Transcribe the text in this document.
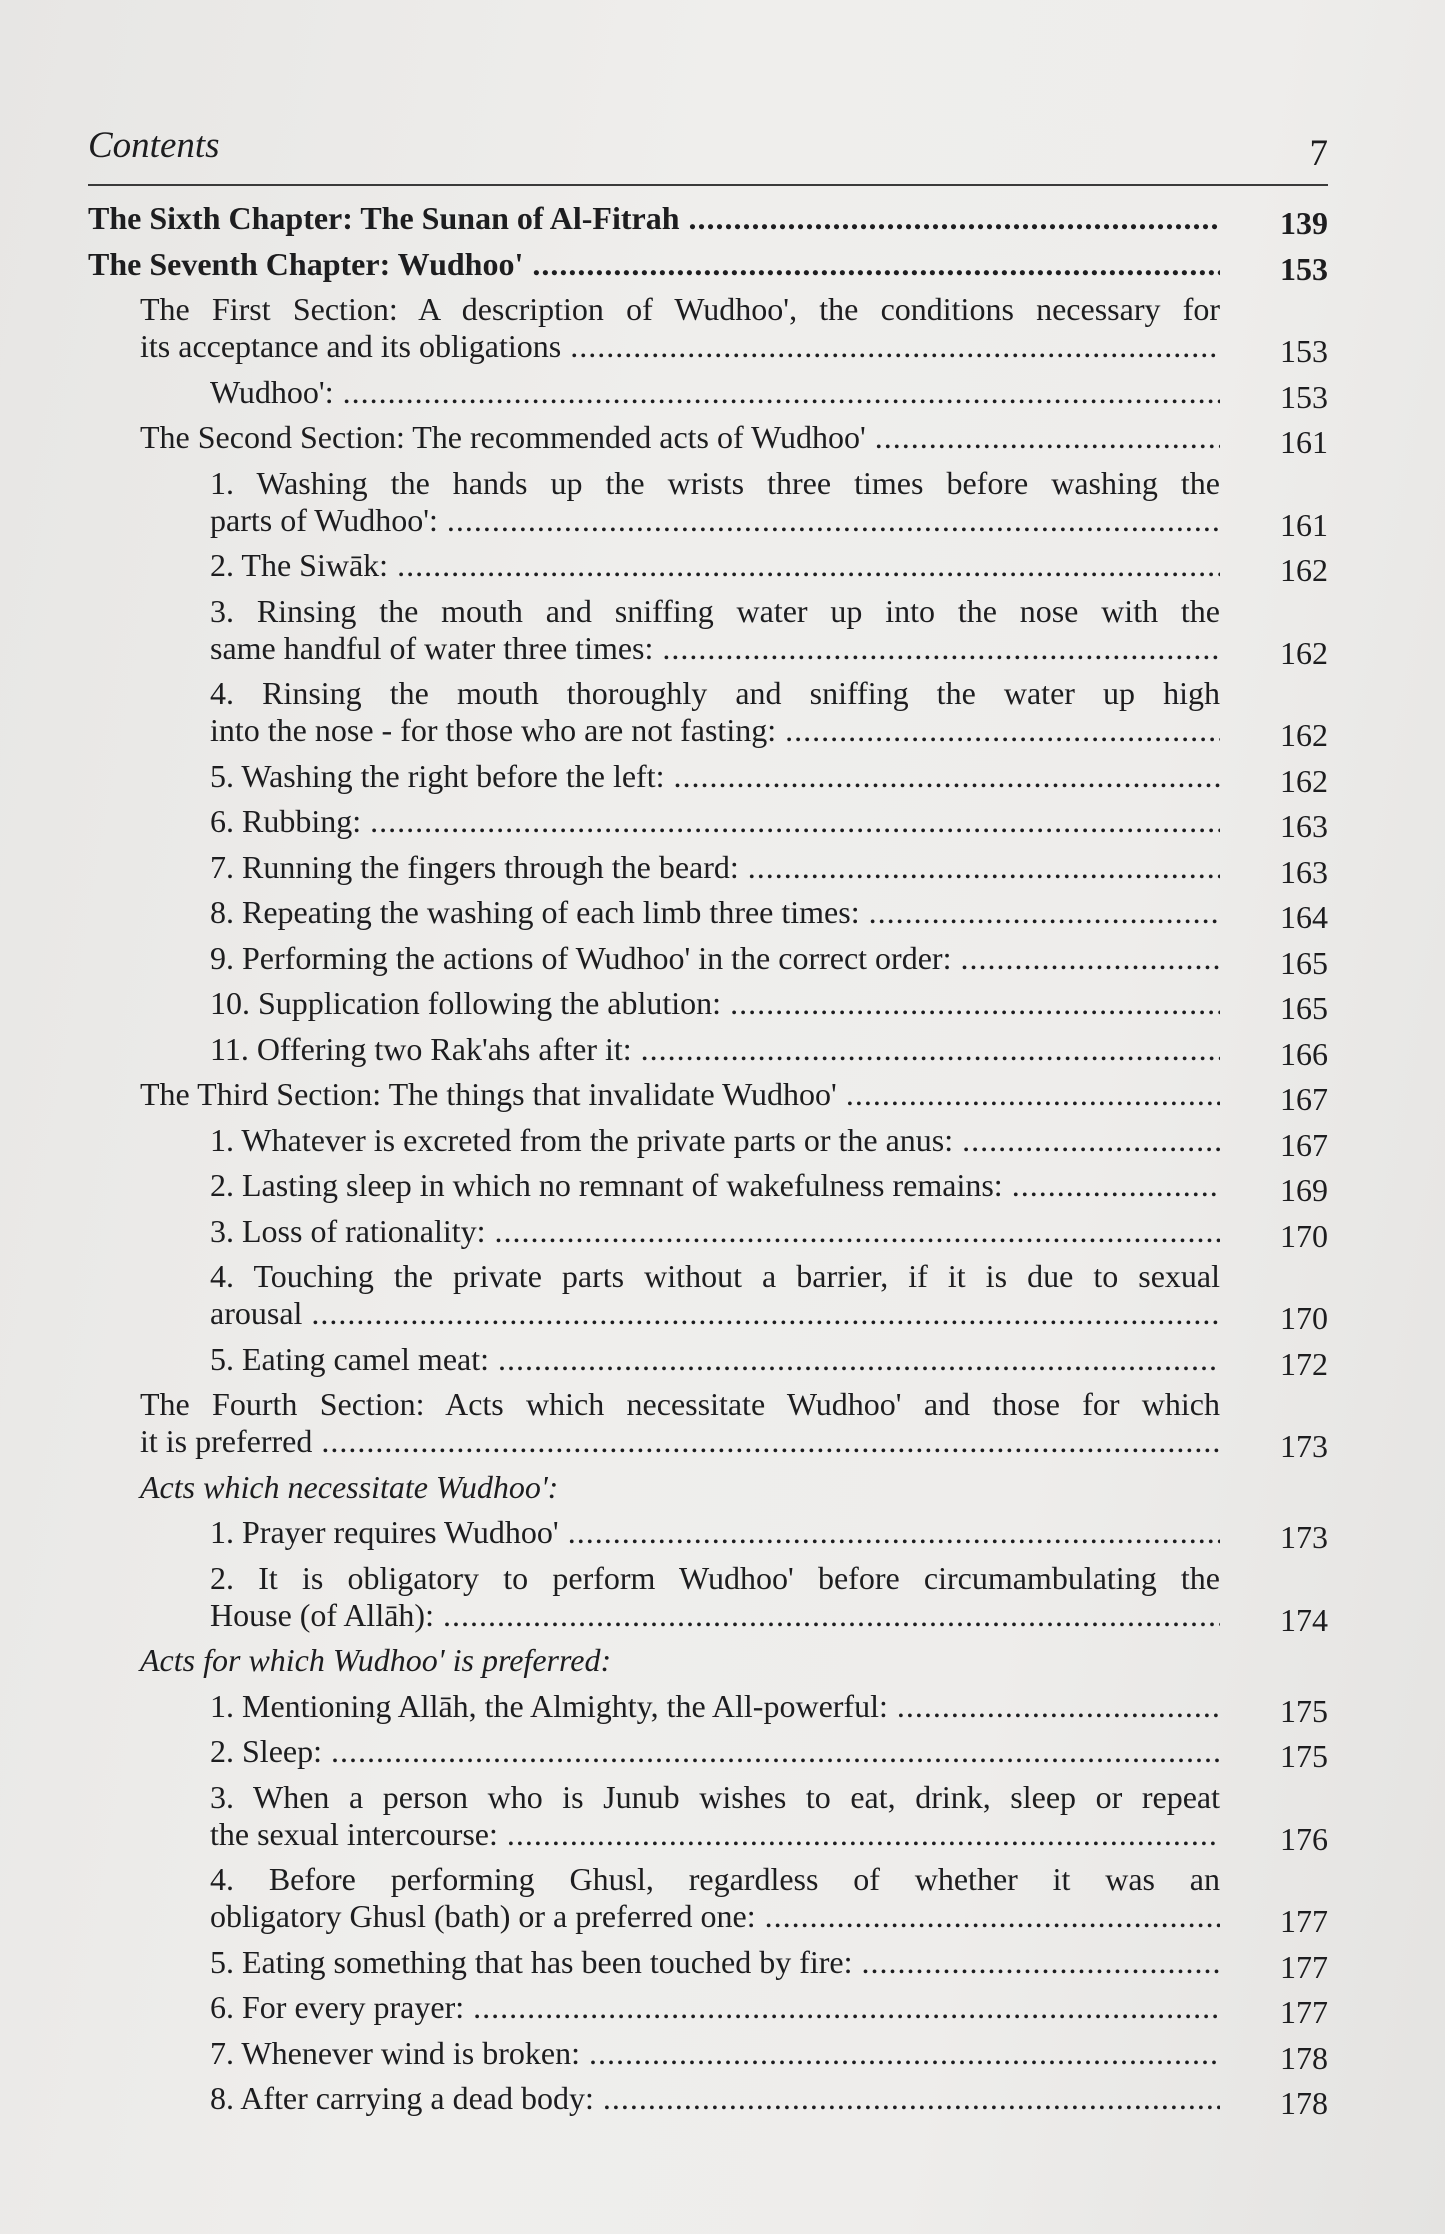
Contents	7
The Sixth Chapter: The Sunan of Al-Fitrah .....	139
The Seventh Chapter: Wudhoo' .....	153
The First Section: A description of Wudhoo', the conditions necessary for
its acceptance and its obligations .....	153
Wudhoo': .....	153
The Second Section: The recommended acts of Wudhoo' .....	161
1. Washing the hands up the wrists three times before washing the
parts of Wudhoo': .....	161
2. The Siwāk: .....	162
3. Rinsing the mouth and sniffing water up into the nose with the
same handful of water three times: .....	162
4. Rinsing the mouth thoroughly and sniffing the water up high
into the nose - for those who are not fasting: .....	162
5. Washing the right before the left: .....	162
6. Rubbing: .....	163
7. Running the fingers through the beard: .....	163
8. Repeating the washing of each limb three times: .....	164
9. Performing the actions of Wudhoo' in the correct order: .....	165
10. Supplication following the ablution: .....	165
11. Offering two Rak'ahs after it: .....	166
The Third Section: The things that invalidate Wudhoo' .....	167
1. Whatever is excreted from the private parts or the anus: .....	167
2. Lasting sleep in which no remnant of wakefulness remains: .....	169
3. Loss of rationality: .....	170
4. Touching the private parts without a barrier, if it is due to sexual
arousal .....	170
5. Eating camel meat: .....	172
The Fourth Section: Acts which necessitate Wudhoo' and those for which
it is preferred .....	173
Acts which necessitate Wudhoo':
1. Prayer requires Wudhoo' .....	173
2. It is obligatory to perform Wudhoo' before circumambulating the
House (of Allāh): .....	174
Acts for which Wudhoo' is preferred:
1. Mentioning Allāh, the Almighty, the All-powerful: .....	175
2. Sleep: .....	175
3. When a person who is Junub wishes to eat, drink, sleep or repeat
the sexual intercourse: .....	176
4. Before performing Ghusl, regardless of whether it was an
obligatory Ghusl (bath) or a preferred one: .....	177
5. Eating something that has been touched by fire: .....	177
6. For every prayer: .....	177
7. Whenever wind is broken: .....	178
8. After carrying a dead body: .....	178
